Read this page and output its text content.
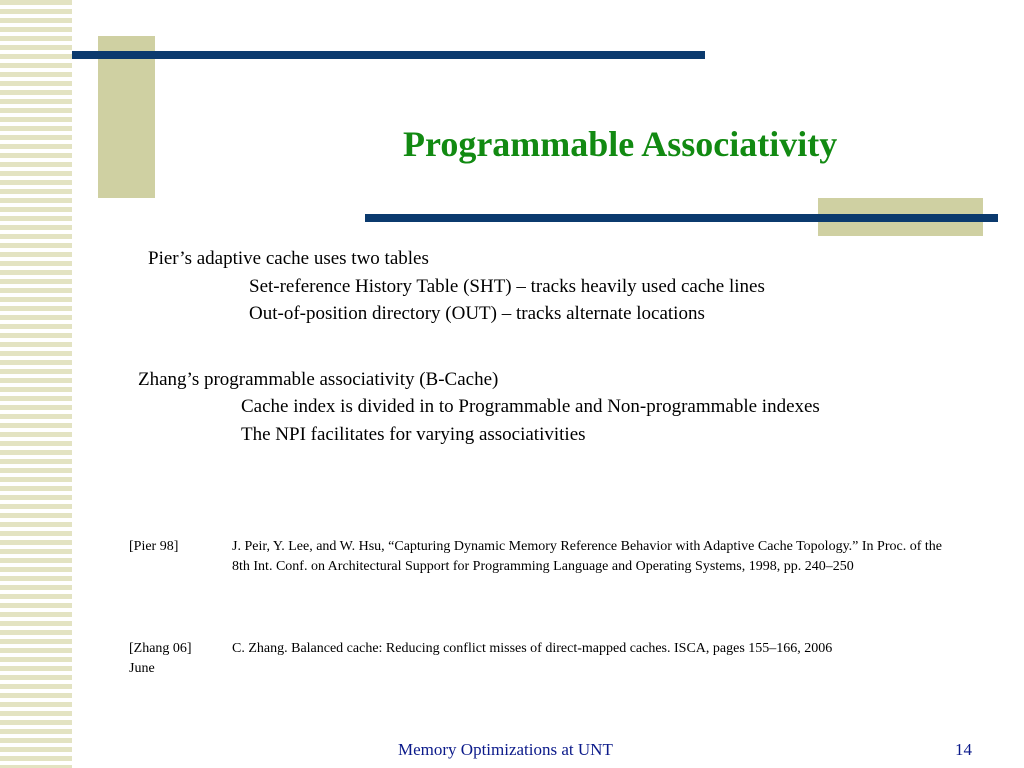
Programmable Associativity
Pier’s adaptive cache uses two tables
Set-reference History Table (SHT) – tracks heavily used cache lines
Out-of-position directory (OUT) – tracks alternate locations
Zhang’s programmable associativity (B-Cache)
Cache index is divided in to Programmable and Non-programmable indexes
The NPI facilitates for varying associativities
[Pier 98]	J. Peir, Y. Lee, and W. Hsu, “Capturing Dynamic Memory Reference Behavior with Adaptive Cache Topology.” In Proc. of the 8th Int. Conf. on Architectural Support for Programming Language and Operating Systems, 1998, pp. 240–250
[Zhang 06]
June
C. Zhang. Balanced cache: Reducing conflict misses of direct-mapped caches. ISCA, pages 155–166, 2006
Memory Optimizations at UNT	14
